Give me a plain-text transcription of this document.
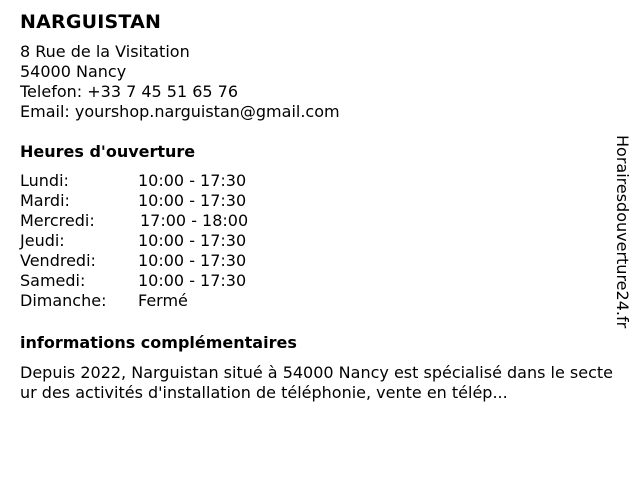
NARGUISTAN
8 Rue de la Visitation
54000 Nancy
Telefon: +33 7 45 51 65 76
Email: yourshop.narguistan@gmail.com
Heures d'ouverture
Lundi:	10:00 - 17:30
Mardi:	10:00 - 17:30
Mercredi:	17:00 - 18:00
Jeudi:	10:00 - 17:30
Vendredi:	10:00 - 17:30
Samedi:	10:00 - 17:30
Dimanche:	Fermé
informations complémentaires
Depuis 2022, Narguistan situé à 54000 Nancy est spécialisé dans le secteur des activités d'installation de téléphonie, vente en télép...
Horairesdouverture24.fr
